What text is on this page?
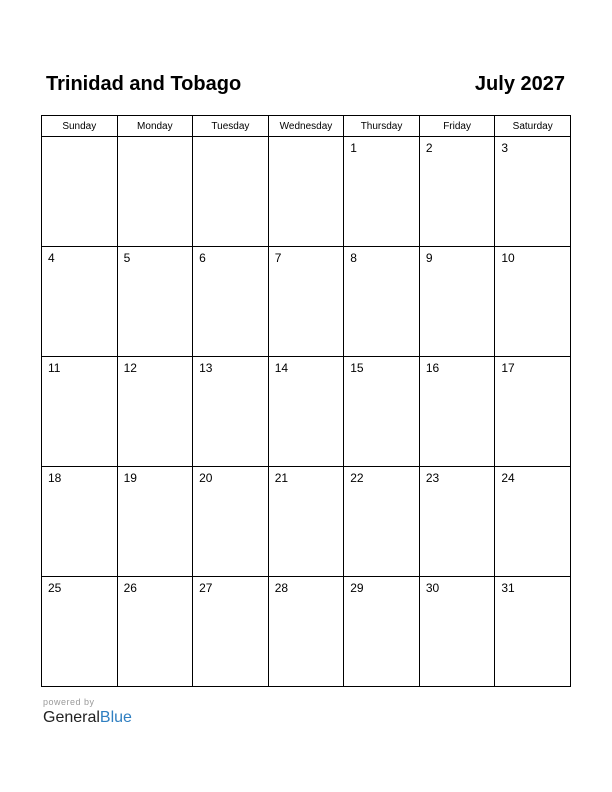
Trinidad and Tobago	July 2027
Sunday	Monday	Tuesday	Wednesday	Thursday	Friday	Saturday

				1	2	3

4	5	6	7	8	9	10

11	12	13	14	15	16	17

18	19	20	21	22	23	24

25	26	27	28	29	30	31
powered by
GeneralBlue
